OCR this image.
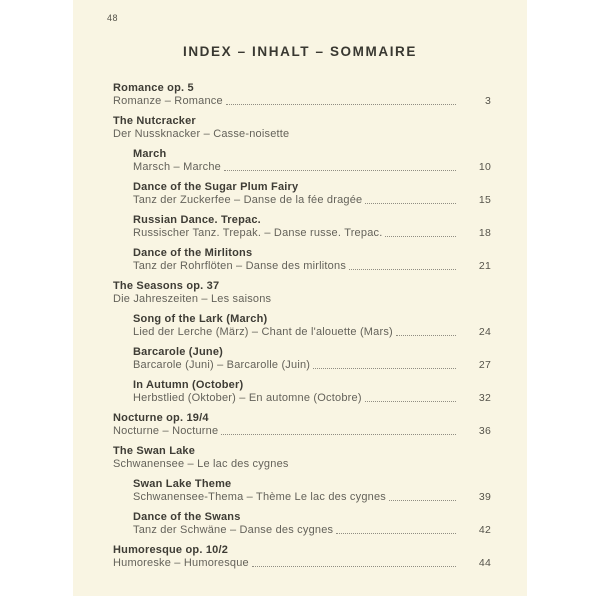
48
INDEX – INHALT – SOMMAIRE
Romance op. 5
Romanze – Romance	3
The Nutcracker
Der Nussknacker – Casse-noisette
March
Marsch – Marche	10
Dance of the Sugar Plum Fairy
Tanz der Zuckerfee – Danse de la fée dragée	15
Russian Dance. Trepac.
Russischer Tanz. Trepak. – Danse russe. Trepac.	18
Dance of the Mirlitons
Tanz der Rohrflöten – Danse des mirlitons	21
The Seasons op. 37
Die Jahreszeiten – Les saisons
Song of the Lark (March)
Lied der Lerche (März) – Chant de l'alouette (Mars)	24
Barcarole (June)
Barcarole (Juni) – Barcarolle (Juin)	27
In Autumn (October)
Herbstlied (Oktober) – En automne (Octobre)	32
Nocturne op. 19/4
Nocturne – Nocturne	36
The Swan Lake
Schwanensee – Le lac des cygnes
Swan Lake Theme
Schwanensee-Thema – Thème Le lac des cygnes	39
Dance of the Swans
Tanz der Schwäne – Danse des cygnes	42
Humoresque op. 10/2
Humoreske – Humoresque	44
